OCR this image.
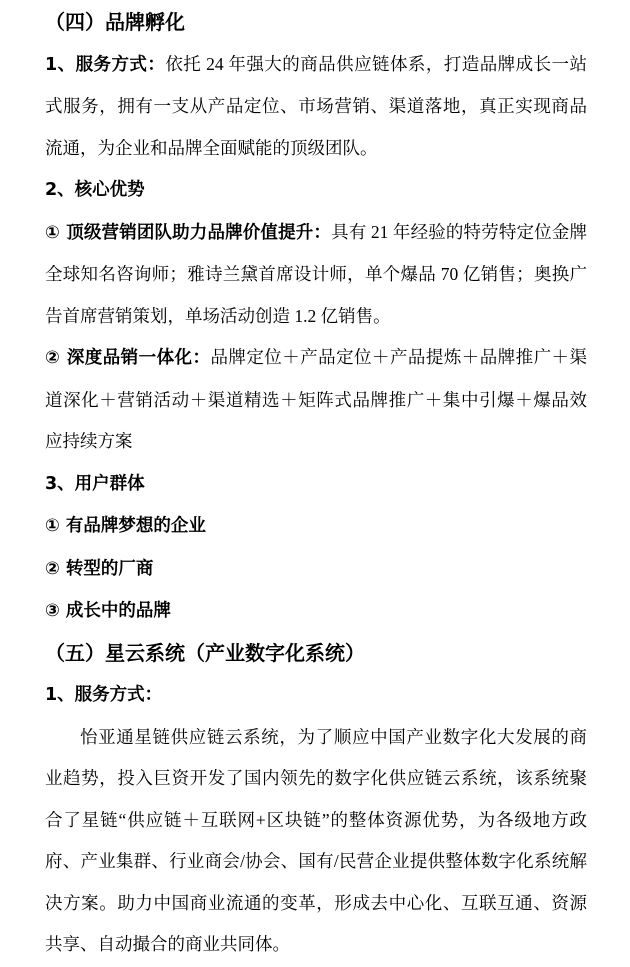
（四）品牌孵化

1、服务方式：依托 24 年强大的商品供应链体系，打造品牌成长一站式服务，拥有一支从产品定位、市场营销、渠道落地，真正实现商品流通，为企业和品牌全面赋能的顶级团队。

2、核心优势

① 顶级营销团队助力品牌价值提升：具有 21 年经验的特劳特定位金牌全球知名咨询师；雅诗兰黛首席设计师，单个爆品 70 亿销售；奥换广告首席营销策划，单场活动创造 1.2 亿销售。

② 深度品销一体化：品牌定位＋产品定位＋产品提炼＋品牌推广＋渠道深化＋营销活动＋渠道精选＋矩阵式品牌推广＋集中引爆＋爆品效应持续方案

3、用户群体

① 有品牌梦想的企业

② 转型的厂商

③ 成长中的品牌

（五）星云系统（产业数字化系统）

1、服务方式：

怡亚通星链供应链云系统，为了顺应中国产业数字化大发展的商业趋势，投入巨资开发了国内领先的数字化供应链云系统，该系统聚合了星链“供应链＋互联网+区块链”的整体资源优势，为各级地方政府、产业集群、行业商会/协会、国有/民营企业提供整体数字化系统解决方案。助力中国商业流通的变革，形成去中心化、互联互通、资源共享、自动撮合的商业共同体。
